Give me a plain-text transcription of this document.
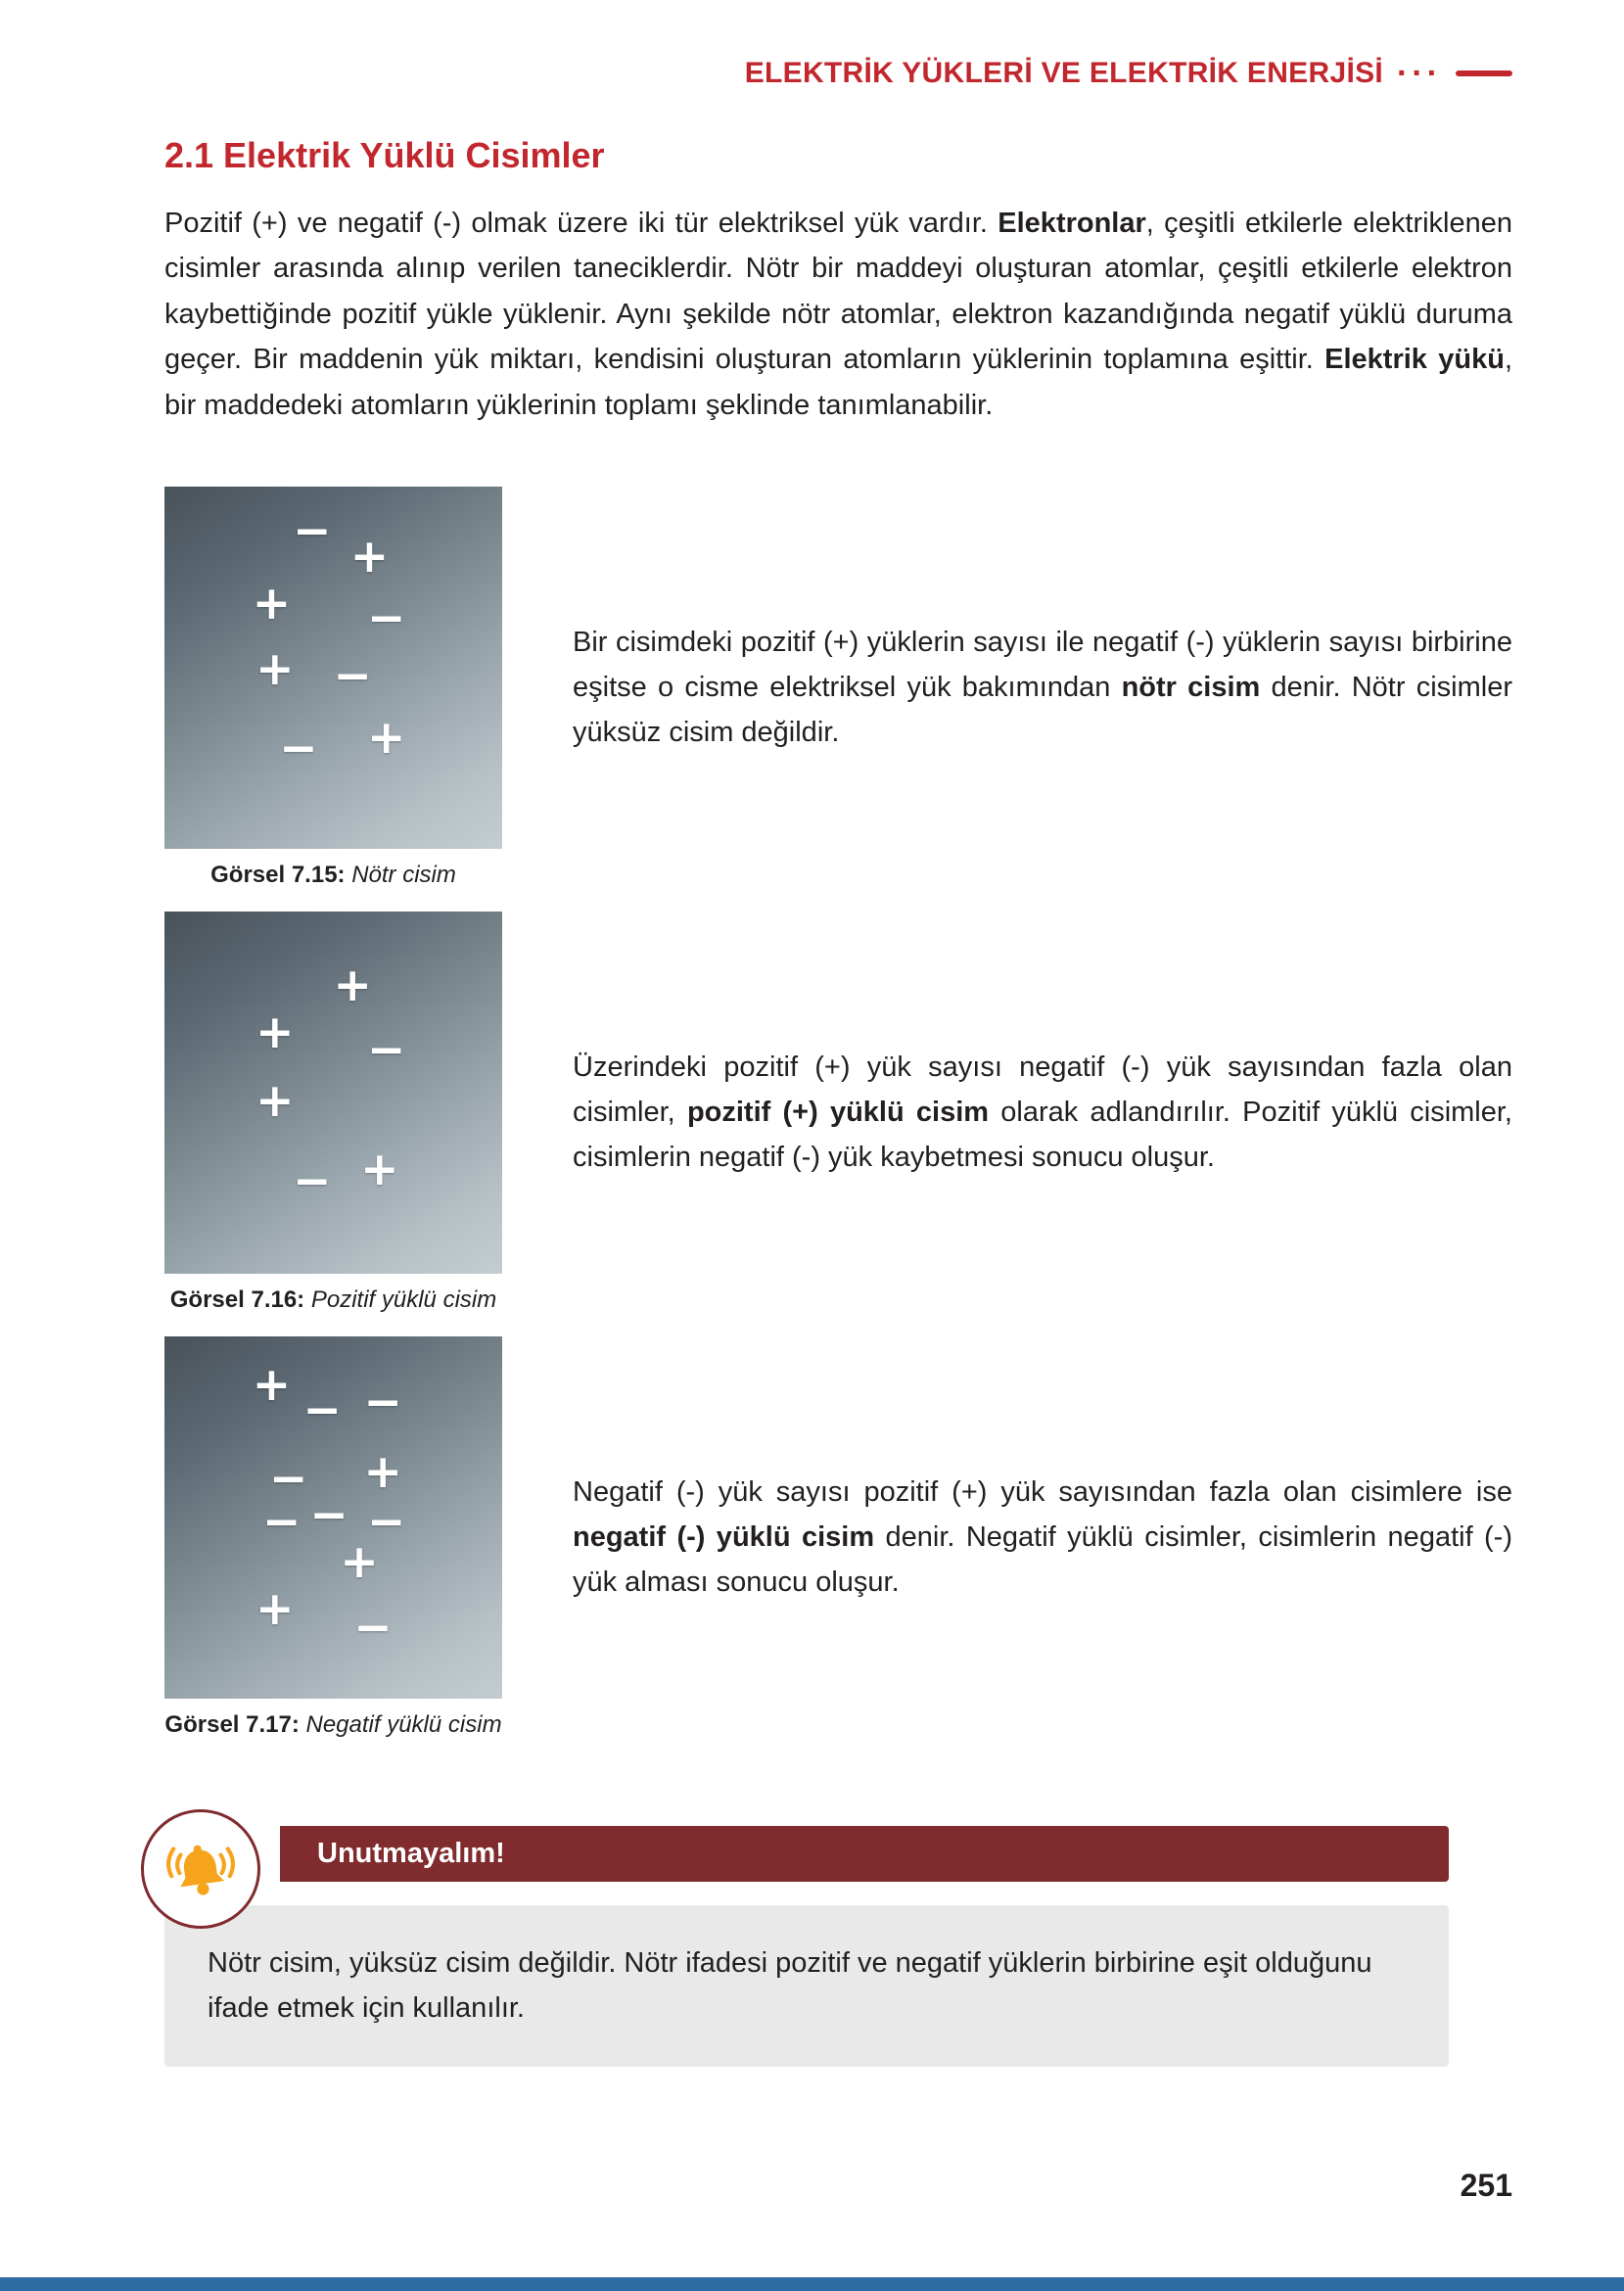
ELEKTRİK YÜKLERİ VE ELEKTRİK ENERJİSİ ···
2.1 Elektrik Yüklü Cisimler

Pozitif (+) ve negatif (-) olmak üzere iki tür elektriksel yük vardır. Elektronlar, çeşitli etkilerle elektriklenen cisimler arasında alınıp verilen taneciklerdir. Nötr bir maddeyi oluşturan atomlar, çeşitli etkilerle elektron kaybettiğinde pozitif yükle yüklenir. Aynı şekilde nötr atomlar, elektron kazandığında negatif yüklü duruma geçer. Bir maddenin yük miktarı, kendisini oluşturan atomların yüklerinin toplamına eşittir. Elektrik yükü, bir maddedeki atomların yüklerinin toplamı şeklinde tanımlanabilir.

− +
+ −
+ −
− +
Görsel 7.15: Nötr cisim

Bir cisimdeki pozitif (+) yüklerin sayısı ile negatif (-) yüklerin sayısı birbirine eşitse o cisme elektriksel yük bakımından nötr cisim denir. Nötr cisimler yüksüz cisim değildir.

+
+ −
+
− +
Görsel 7.16: Pozitif yüklü cisim

Üzerindeki pozitif (+) yük sayısı negatif (-) yük sayısından fazla olan cisimler, pozitif (+) yüklü cisim olarak adlandırılır. Pozitif yüklü cisimler, cisimlerin negatif (-) yük kaybetmesi sonucu oluşur.

+ − −
− +
− − −
+
+ −
Görsel 7.17: Negatif yüklü cisim

Negatif (-) yük sayısı pozitif (+) yük sayısından fazla olan cisimlere ise negatif (-) yüklü cisim denir. Negatif yüklü cisimler, cisimlerin negatif (-) yük alması sonucu oluşur.

Unutmayalım!

Nötr cisim, yüksüz cisim değildir. Nötr ifadesi pozitif ve negatif yüklerin birbirine eşit olduğunu ifade etmek için kullanılır.

251
